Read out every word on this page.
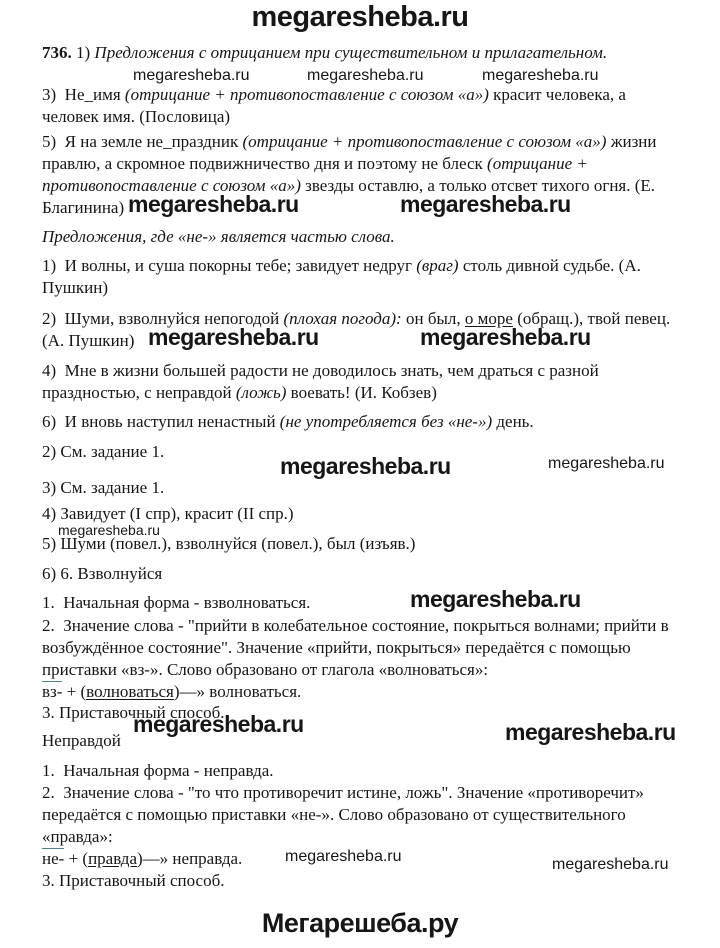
megaresheba.ru
736. 1) Предложения с отрицанием при существительном и прилагательном.
megaresheba.ru	megaresheba.ru	megaresheba.ru
3)  Не_имя (отрицание + противопоставление с союзом «а») красит человека, а
человек имя. (Пословица)
5)  Я на земле не_праздник (отрицание + противопоставление с союзом «а») жизни
правлю, а скромное подвижничество дня и поэтому не блеск (отрицание +
противопоставление с союзом «а») звезды оставлю, а только отсвет тихого огня. (Е.
Благинина) megaresheba.ru	megaresheba.ru
Предложения, где «не-» является частью слова.
1)  И волны, и суша покорны тебе; завидует недруг (враг) столь дивной судьбе. (А.
Пушкин)
2)  Шуми, взволнуйся непогодой (плохая погода): он был, о море (обращ.), твой певец.
(А. Пушкин) megaresheba.ru	megaresheba.ru
4)  Мне в жизни большей радости не доводилось знать, чем драться с разной
праздностью, с неправдой (ложь) воевать! (И. Кобзев)
6)  И вновь наступил ненастный (не употребляется без «не-») день.
2) См. задание 1.
megaresheba.ru	megaresheba.ru
3) См. задание 1.
4) Завидует (I спр), красит (II спр.)
megaresheba.ru
5) Шуми (повел.), взволнуйся (повел.), был (изъяв.)
6) 6. Взволнуйся
1.  Начальная форма - взволноваться.	megaresheba.ru
2.  Значение слова - "прийти в колебательное состояние, покрыться волнами; прийти в
возбуждённое состояние". Значение «прийти, покрыться» передаётся с помощью
приставки «вз-». Слово образовано от глагола «волноваться»:
вз- + (волноваться)—» волноваться.
3. Приставочный способ.
megaresheba.ru	megaresheba.ru
Неправдой
1.  Начальная форма - неправда.
2.  Значение слова - "то что противоречит истине, ложь". Значение «противоречит»
передаётся с помощью приставки «не-». Слово образовано от существительного
«правда»:
не- + (правда)—» неправда.	megaresheba.ru	megaresheba.ru
3. Приставочный способ.
Мегарешеба.ру
